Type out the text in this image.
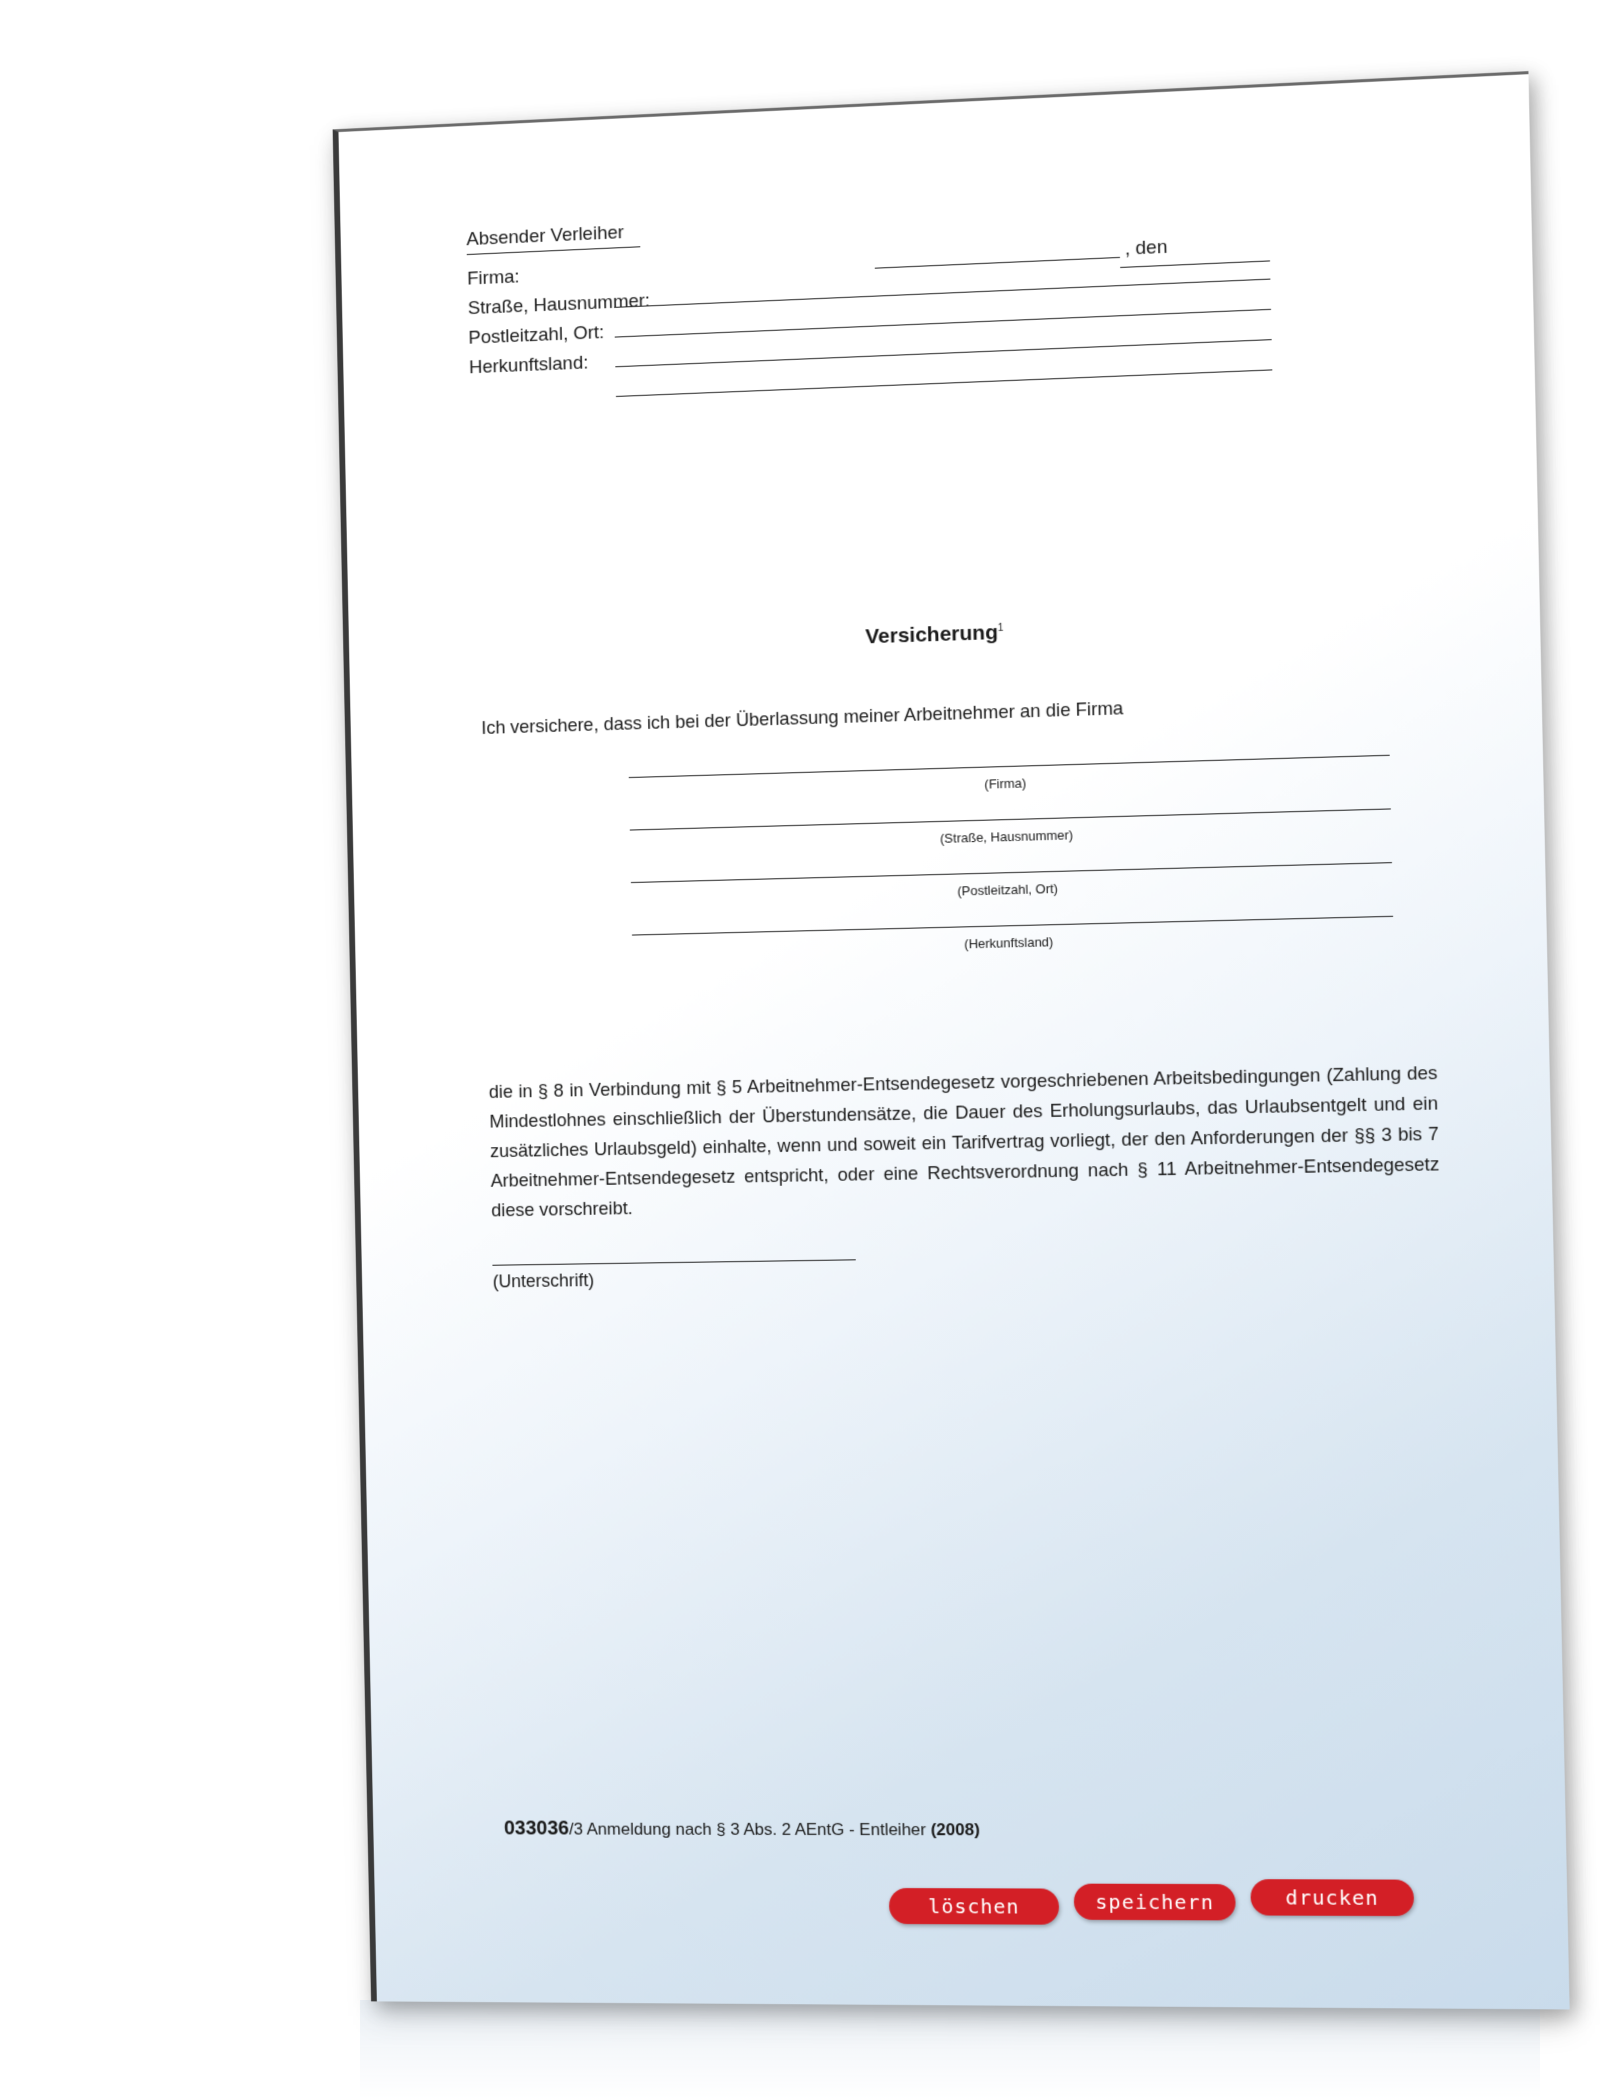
Absender Verleiher
Firma:
Straße, Hausnummer:
Postleitzahl, Ort:
Herkunftsland:
, den
Versicherung$^1$
Ich versichere, dass ich bei der Überlassung meiner Arbeitnehmer an die Firma
(Firma)
(Straße, Hausnummer)
(Postleitzahl, Ort)
(Herkunftsland)
die in § 8 in Verbindung mit § 5 Arbeitnehmer-Entsendegesetz vorgeschriebenen Arbeitsbedingungen (Zahlung des Mindestlohnes einschließlich der Überstundensätze, die Dauer des Erholungsurlaubs, das Urlaubsentgelt und ein zusätzliches Urlaubsgeld) einhalte, wenn und soweit ein Tarifvertrag vorliegt, der den Anforderungen der §§ 3 bis 7 Arbeitnehmer-Entsendegesetz entspricht, oder eine Rechtsverordnung nach § 11 Arbeitnehmer-Entsendegesetz diese vorschreibt.
(Unterschrift)
033036/3 Anmeldung nach § 3 Abs. 2 AEntG - Entleiher (2008)
löschen	speichern	drucken
